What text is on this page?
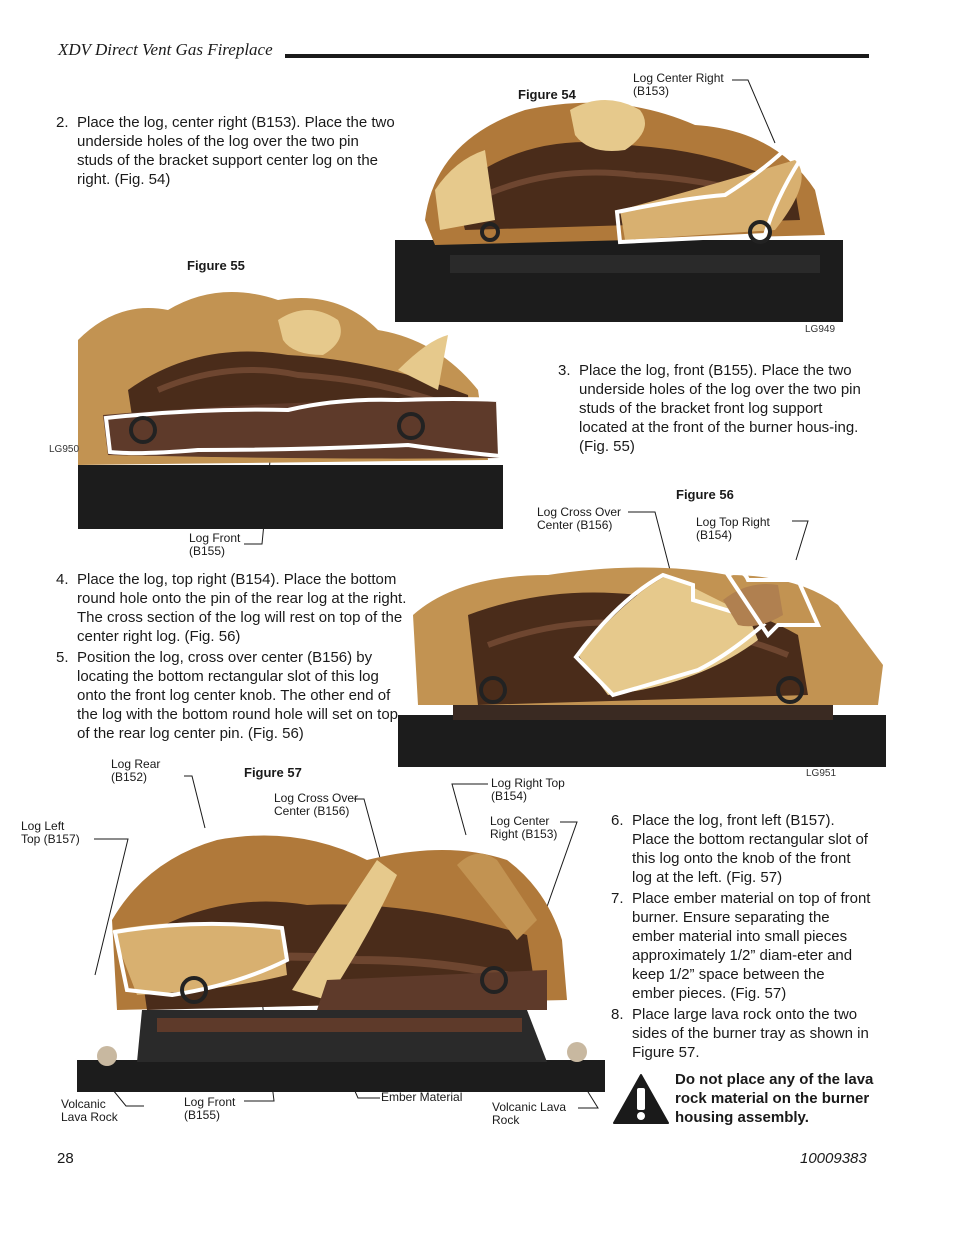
XDV Direct Vent Gas Fireplace
2. Place the log, center right (B153). Place the two underside holes of the log over the two pin studs of the bracket support center log on the right. (Fig. 54)
Figure 54
Log Center Right
(B153)
LG949
Figure 55
LG950
Log Front
(B155)
3. Place the log, front (B155). Place the two underside holes of the log over the two pin studs of the bracket front log support located at the front of the burner hous-ing. (Fig. 55)
Figure 56
Log Cross Over
Center (B156)	Log Top Right
(B154)
LG951
4. Place the log, top right (B154). Place the bottom round hole onto the pin of the rear log at the right. The cross section of the log will rest on top of the center right log. (Fig. 56)
5. Position the log, cross over center (B156) by locating the bottom rectangular slot of this log onto the front log center knob. The other end of the log with the bottom round hole will set on top of the rear log center pin. (Fig. 56)
Figure 57
Log Rear
(B152)
Log Left
Top (B157)
Log Cross Over
Center (B156)
Log Right Top
(B154)
Log Center
Right (B153)
Volcanic
Lava Rock
Log Front
(B155)
Ember Material
Volcanic Lava
Rock
6. Place the log, front left (B157). Place the bottom rectangular slot of this log onto the knob of the front log at the left. (Fig. 57)
7. Place ember material on top of front burner. Ensure separating the ember material into small pieces approximately 1/2” diam-eter and keep 1/2” space between the ember pieces. (Fig. 57)
8. Place large lava rock onto the two sides of the burner tray as shown in Figure 57.
Do not place any of the lava rock material on the burner housing assembly.
28	10009383
